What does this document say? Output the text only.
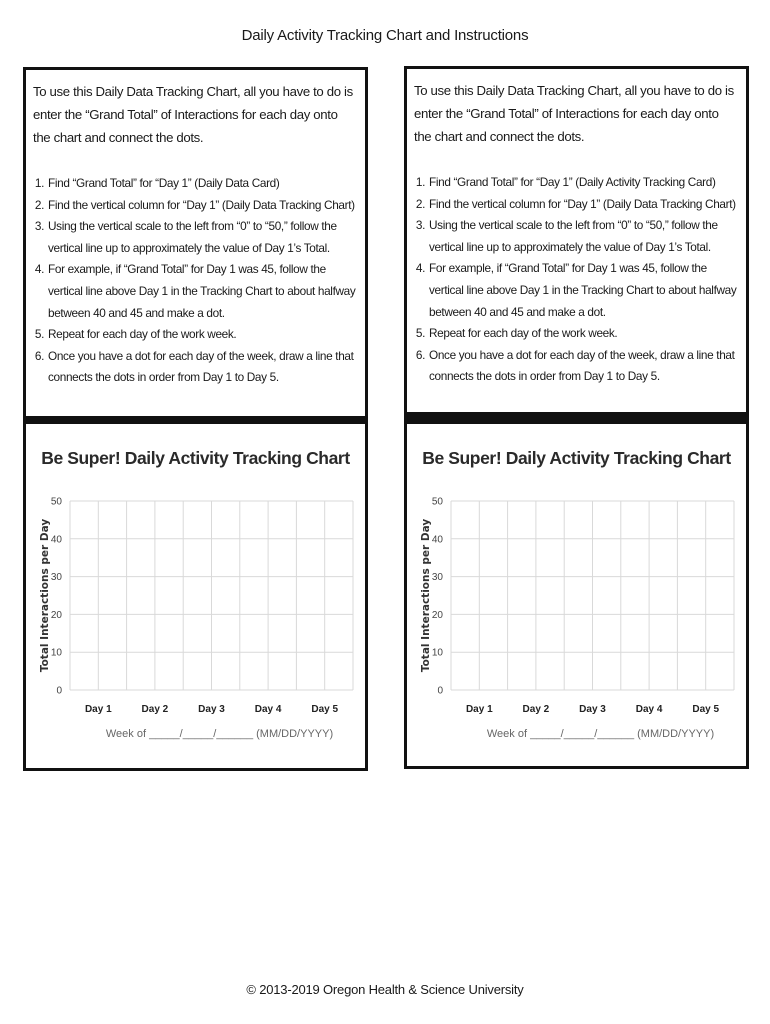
Daily Activity Tracking Chart and Instructions
To use this Daily Data Tracking Chart, all you have to do is enter the “Grand Total” of Interactions for each day onto the chart and connect the dots.
1. Find “Grand Total” for “Day 1” (Daily Data Card)
2. Find the vertical column for “Day 1” (Daily Data Tracking Chart)
3. Using the vertical scale to the left from “0” to “50,” follow the vertical line up to approximately the value of Day 1’s Total.
4. For example, if “Grand Total” for Day 1 was 45, follow the vertical line above Day 1 in the Tracking Chart to about halfway between 40 and 45 and make a dot.
5. Repeat for each day of the work week.
6. Once you have a dot for each day of the week, draw a line that connects the dots in order from Day 1 to Day 5.
To use this Daily Data Tracking Chart, all you have to do is enter the “Grand Total” of Interactions for each day onto the chart and connect the dots.
1. Find “Grand Total” for “Day 1” (Daily Activity Tracking Card)
2. Find the vertical column for “Day 1” (Daily Data Tracking Chart)
3. Using the vertical scale to the left from “0” to “50,” follow the vertical line up to approximately the value of Day 1’s Total.
4. For example, if “Grand Total” for Day 1 was 45, follow the vertical line above Day 1 in the Tracking Chart to about halfway between 40 and 45 and make a dot.
5. Repeat for each day of the work week.
6. Once you have a dot for each day of the week, draw a line that connects the dots in order from Day 1 to Day 5.
Be Super! Daily Activity Tracking Chart
0
10
20
30
40
50
Day 1	Day 2	Day 3	Day 4	Day 5
Total Interactions per Day
Week of _____/_____/______ (MM/DD/YYYY)
Be Super! Daily Activity Tracking Chart
0
10
20
30
40
50
Day 1	Day 2	Day 3	Day 4	Day 5
Total Interactions per Day
Week of _____/_____/______ (MM/DD/YYYY)
© 2013-2019 Oregon Health & Science University
